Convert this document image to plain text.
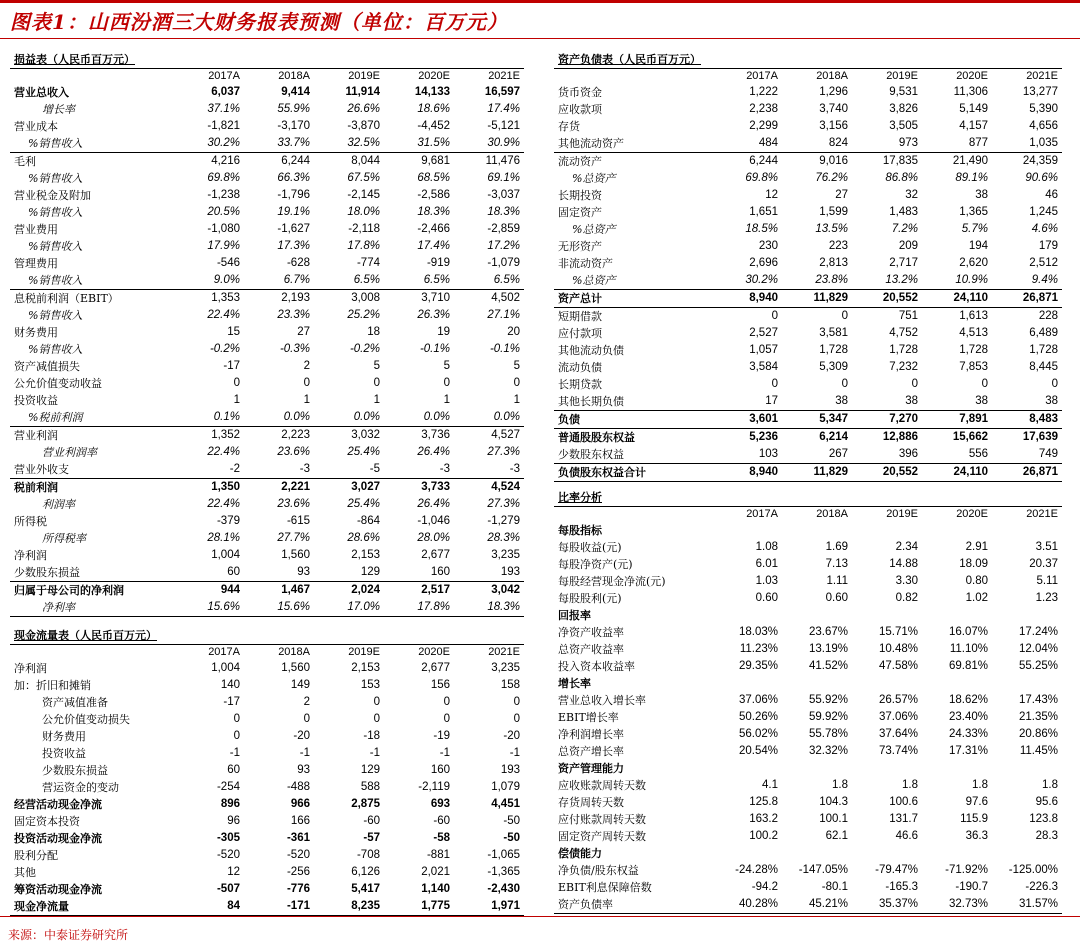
图表1：山西汾酒三大财务报表预测（单位：百万元）
损益表（人民币百万元）					
	2017A	2018A	2019E	2020E	2021E
营业总收入	6,037	9,414	11,914	14,133	16,597
增长率	37.1%	55.9%	26.6%	18.6%	17.4%
营业成本	-1,821	-3,170	-3,870	-4,452	-5,121
%销售收入	30.2%	33.7%	32.5%	31.5%	30.9%
毛利	4,216	6,244	8,044	9,681	11,476
%销售收入	69.8%	66.3%	67.5%	68.5%	69.1%
营业税金及附加	-1,238	-1,796	-2,145	-2,586	-3,037
%销售收入	20.5%	19.1%	18.0%	18.3%	18.3%
营业费用	-1,080	-1,627	-2,118	-2,466	-2,859
%销售收入	17.9%	17.3%	17.8%	17.4%	17.2%
管理费用	-546	-628	-774	-919	-1,079
%销售收入	9.0%	6.7%	6.5%	6.5%	6.5%
息税前利润（EBIT）	1,353	2,193	3,008	3,710	4,502
%销售收入	22.4%	23.3%	25.2%	26.3%	27.1%
财务费用	15	27	18	19	20
%销售收入	-0.2%	-0.3%	-0.2%	-0.1%	-0.1%
资产减值损失	-17	2	5	5	5
公允价值变动收益	0	0	0	0	0
投资收益	1	1	1	1	1
%税前利润	0.1%	0.0%	0.0%	0.0%	0.0%
营业利润	1,352	2,223	3,032	3,736	4,527
营业利润率	22.4%	23.6%	25.4%	26.4%	27.3%
营业外收支	-2	-3	-5	-3	-3
税前利润	1,350	2,221	3,027	3,733	4,524
利润率	22.4%	23.6%	25.4%	26.4%	27.3%
所得税	-379	-615	-864	-1,046	-1,279
所得税率	28.1%	27.7%	28.6%	28.0%	28.3%
净利润	1,004	1,560	2,153	2,677	3,235
少数股东损益	60	93	129	160	193
归属于母公司的净利润	944	1,467	2,024	2,517	3,042
净利率	15.6%	15.6%	17.0%	17.8%	18.3%
现金流量表（人民币百万元）					
	2017A	2018A	2019E	2020E	2021E
净利润	1,004	1,560	2,153	2,677	3,235
加：折旧和摊销	140	149	153	156	158
资产减值准备	-17	2	0	0	0
公允价值变动损失	0	0	0	0	0
财务费用	0	-20	-18	-19	-20
投资收益	-1	-1	-1	-1	-1
少数股东损益	60	93	129	160	193
营运资金的变动	-254	-488	588	-2,119	1,079
经营活动现金净流	896	966	2,875	693	4,451
固定资本投资	96	166	-60	-60	-50
投资活动现金净流	-305	-361	-57	-58	-50
股利分配	-520	-520	-708	-881	-1,065
其他	12	-256	6,126	2,021	-1,365
筹资活动现金净流	-507	-776	5,417	1,140	-2,430
现金净流量	84	-171	8,235	1,775	1,971
资产负债表（人民币百万元）					
	2017A	2018A	2019E	2020E	2021E
货币资金	1,222	1,296	9,531	11,306	13,277
应收款项	2,238	3,740	3,826	5,149	5,390
存货	2,299	3,156	3,505	4,157	4,656
其他流动资产	484	824	973	877	1,035
流动资产	6,244	9,016	17,835	21,490	24,359
%总资产	69.8%	76.2%	86.8%	89.1%	90.6%
长期投资	12	27	32	38	46
固定资产	1,651	1,599	1,483	1,365	1,245
%总资产	18.5%	13.5%	7.2%	5.7%	4.6%
无形资产	230	223	209	194	179
非流动资产	2,696	2,813	2,717	2,620	2,512
%总资产	30.2%	23.8%	13.2%	10.9%	9.4%
资产总计	8,940	11,829	20,552	24,110	26,871
短期借款	0	0	751	1,613	228
应付款项	2,527	3,581	4,752	4,513	6,489
其他流动负债	1,057	1,728	1,728	1,728	1,728
流动负债	3,584	5,309	7,232	7,853	8,445
长期贷款	0	0	0	0	0
其他长期负债	17	38	38	38	38
负债	3,601	5,347	7,270	7,891	8,483
普通股股东权益	5,236	6,214	12,886	15,662	17,639
少数股东权益	103	267	396	556	749
负债股东权益合计	8,940	11,829	20,552	24,110	26,871
比率分析					
	2017A	2018A	2019E	2020E	2021E
每股指标					
每股收益(元)	1.08	1.69	2.34	2.91	3.51
每股净资产(元)	6.01	7.13	14.88	18.09	20.37
每股经营现金净流(元)	1.03	1.11	3.30	0.80	5.11
每股股利(元)	0.60	0.60	0.82	1.02	1.23
回报率					
净资产收益率	18.03%	23.67%	15.71%	16.07%	17.24%
总资产收益率	11.23%	13.19%	10.48%	11.10%	12.04%
投入资本收益率	29.35%	41.52%	47.58%	69.81%	55.25%
增长率					
营业总收入增长率	37.06%	55.92%	26.57%	18.62%	17.43%
EBIT增长率	50.26%	59.92%	37.06%	23.40%	21.35%
净利润增长率	56.02%	55.78%	37.64%	24.33%	20.86%
总资产增长率	20.54%	32.32%	73.74%	17.31%	11.45%
资产管理能力					
应收账款周转天数	4.1	1.8	1.8	1.8	1.8
存货周转天数	125.8	104.3	100.6	97.6	95.6
应付账款周转天数	163.2	100.1	131.7	115.9	123.8
固定资产周转天数	100.2	62.1	46.6	36.3	28.3
偿债能力					
净负债/股东权益	-24.28%	-147.05%	-79.47%	-71.92%	-125.00%
EBIT利息保障倍数	-94.2	-80.1	-165.3	-190.7	-226.3
资产负债率	40.28%	45.21%	35.37%	32.73%	31.57%
来源：中泰证券研究所
